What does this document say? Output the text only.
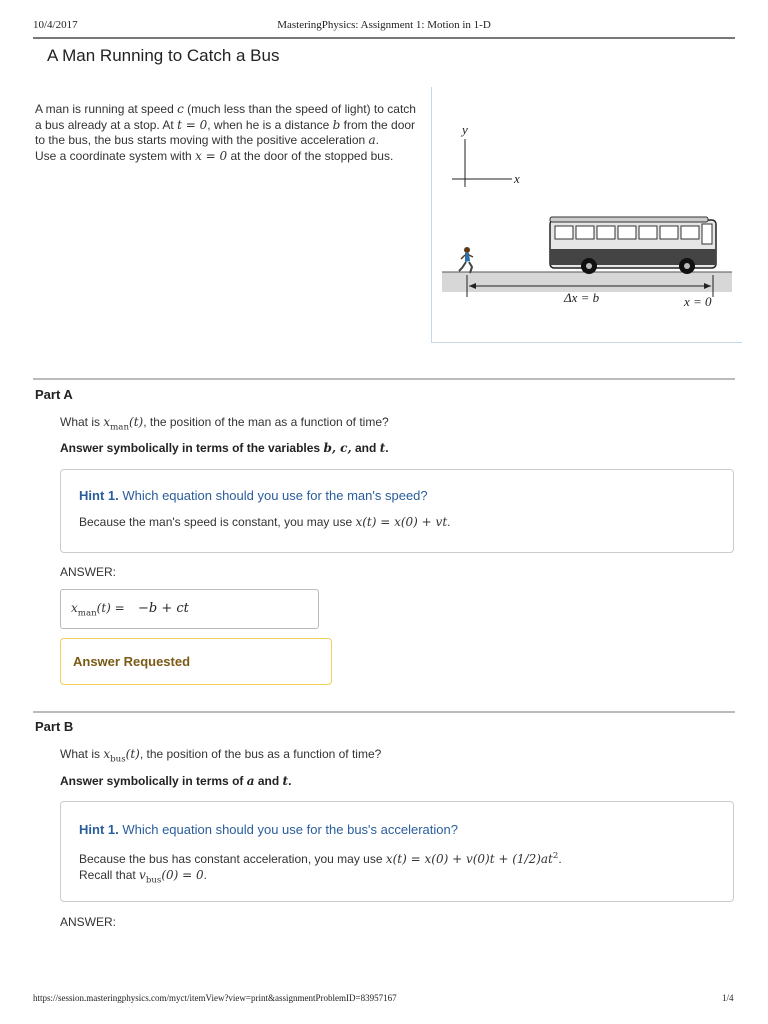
10/4/2017	MasteringPhysics: Assignment 1: Motion in 1-D
A Man Running to Catch a Bus

A man is running at speed c (much less than the speed of light) to catch a bus already at a stop. At t = 0, when he is a distance b from the door to the bus, the bus starts moving with the positive acceleration a.

Use a coordinate system with x = 0 at the door of the stopped bus.

y
x
Δx = b	x = 0
Part A
What is $x_{man}(t)$, the position of the man as a function of time?
Answer symbolically in terms of the variables b, c, and t.
Hint 1. Which equation should you use for the man's speed?
Because the man's speed is constant, you may use x(t) = x(0) + vt.
ANSWER:
$x_{man}(t) = -b$ + ct
Answer Requested
Part B
What is $x_{bus}(t)$, the position of the bus as a function of time?
Answer symbolically in terms of a and t.
Hint 1. Which equation should you use for the bus's acceleration?
Because the bus has constant acceleration, you may use $x(t) = x(0) + v(0)t + (1/2)at^2$.
Recall that $v_{bus}(0) = 0$.
ANSWER:
https://session.masteringphysics.com/myct/itemView?view=print&assignmentProblemID=83957167	1/4
